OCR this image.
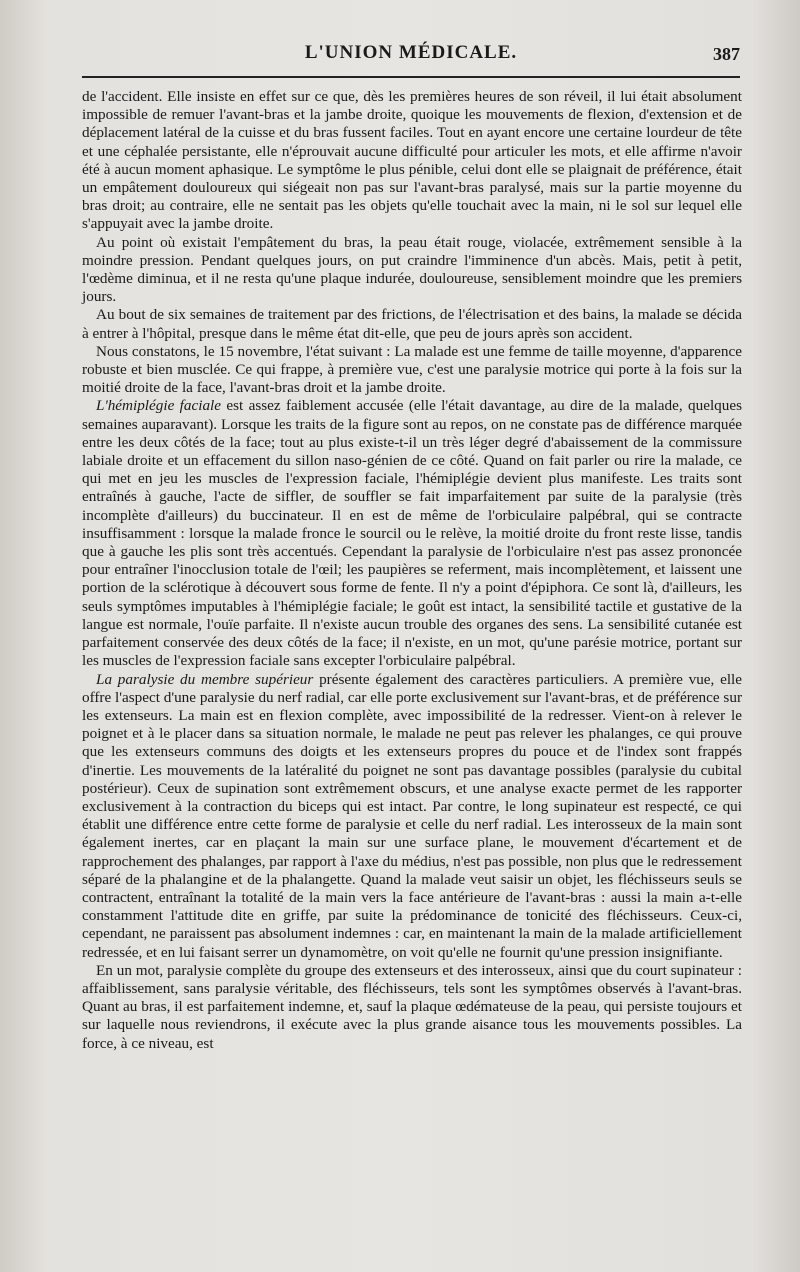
L'UNION MÉDICALE.	387

de l'accident. Elle insiste en effet sur ce que, dès les premières heures de son réveil, il lui était absolument impossible de remuer l'avant-bras et la jambe droite, quoique les mouvements de flexion, d'extension et de déplacement latéral de la cuisse et du bras fussent faciles. Tout en ayant encore une certaine lourdeur de tête et une céphalée persistante, elle n'éprouvait aucune difficulté pour articuler les mots, et elle affirme n'avoir été à aucun moment aphasique. Le symptôme le plus pénible, celui dont elle se plaignait de préférence, était un empâtement douloureux qui siégeait non pas sur l'avant-bras paralysé, mais sur la partie moyenne du bras droit; au contraire, elle ne sentait pas les objets qu'elle touchait avec la main, ni le sol sur lequel elle s'appuyait avec la jambe droite.

Au point où existait l'empâtement du bras, la peau était rouge, violacée, extrêmement sensible à la moindre pression. Pendant quelques jours, on put craindre l'imminence d'un abcès. Mais, petit à petit, l'œdème diminua, et il ne resta qu'une plaque indurée, douloureuse, sensiblement moindre que les premiers jours.

Au bout de six semaines de traitement par des frictions, de l'électrisation et des bains, la malade se décida à entrer à l'hôpital, presque dans le même état dit-elle, que peu de jours après son accident.

Nous constatons, le 15 novembre, l'état suivant : La malade est une femme de taille moyenne, d'apparence robuste et bien musclée. Ce qui frappe, à première vue, c'est une paralysie motrice qui porte à la fois sur la moitié droite de la face, l'avant-bras droit et la jambe droite.

L'hémiplégie faciale est assez faiblement accusée (elle l'était davantage, au dire de la malade, quelques semaines auparavant). Lorsque les traits de la figure sont au repos, on ne constate pas de différence marquée entre les deux côtés de la face; tout au plus existe-t-il un très léger degré d'abaissement de la commissure labiale droite et un effacement du sillon naso-génien de ce côté. Quand on fait parler ou rire la malade, ce qui met en jeu les muscles de l'expression faciale, l'hémiplégie devient plus manifeste. Les traits sont entraînés à gauche, l'acte de siffler, de souffler se fait imparfaitement par suite de la paralysie (très incomplète d'ailleurs) du buccinateur. Il en est de même de l'orbiculaire palpébral, qui se contracte insuffisamment : lorsque la malade fronce le sourcil ou le relève, la moitié droite du front reste lisse, tandis que à gauche les plis sont très accentués. Cependant la paralysie de l'orbiculaire n'est pas assez prononcée pour entraîner l'inocclusion totale de l'œil; les paupières se referment, mais incomplètement, et laissent une portion de la sclérotique à découvert sous forme de fente. Il n'y a point d'épiphora. Ce sont là, d'ailleurs, les seuls symptômes imputables à l'hémiplégie faciale; le goût est intact, la sensibilité tactile et gustative de la langue est normale, l'ouïe parfaite. Il n'existe aucun trouble des organes des sens. La sensibilité cutanée est parfaitement conservée des deux côtés de la face; il n'existe, en un mot, qu'une parésie motrice, portant sur les muscles de l'expression faciale sans excepter l'orbiculaire palpébral.

La paralysie du membre supérieur présente également des caractères particuliers. A première vue, elle offre l'aspect d'une paralysie du nerf radial, car elle porte exclusivement sur l'avant-bras, et de préférence sur les extenseurs. La main est en flexion complète, avec impossibilité de la redresser. Vient-on à relever le poignet et à le placer dans sa situation normale, le malade ne peut pas relever les phalanges, ce qui prouve que les extenseurs communs des doigts et les extenseurs propres du pouce et de l'index sont frappés d'inertie. Les mouvements de la latéralité du poignet ne sont pas davantage possibles (paralysie du cubital postérieur). Ceux de supination sont extrêmement obscurs, et une analyse exacte permet de les rapporter exclusivement à la contraction du biceps qui est intact. Par contre, le long supinateur est respecté, ce qui établit une différence entre cette forme de paralysie et celle du nerf radial. Les interosseux de la main sont également inertes, car en plaçant la main sur une surface plane, le mouvement d'écartement et de rapprochement des phalanges, par rapport à l'axe du médius, n'est pas possible, non plus que le redressement séparé de la phalangine et de la phalangette. Quand la malade veut saisir un objet, les fléchisseurs seuls se contractent, entraînant la totalité de la main vers la face antérieure de l'avant-bras : aussi la main a-t-elle constamment l'attitude dite en griffe, par suite la prédominance de tonicité des fléchisseurs. Ceux-ci, cependant, ne paraissent pas absolument indemnes : car, en maintenant la main de la malade artificiellement redressée, et en lui faisant serrer un dynamomètre, on voit qu'elle ne fournit qu'une pression insignifiante.

En un mot, paralysie complète du groupe des extenseurs et des interosseux, ainsi que du court supinateur : affaiblissement, sans paralysie véritable, des fléchisseurs, tels sont les symptômes observés à l'avant-bras. Quant au bras, il est parfaitement indemne, et, sauf la plaque œdémateuse de la peau, qui persiste toujours et sur laquelle nous reviendrons, il exécute avec la plus grande aisance tous les mouvements possibles. La force, à ce niveau, est
